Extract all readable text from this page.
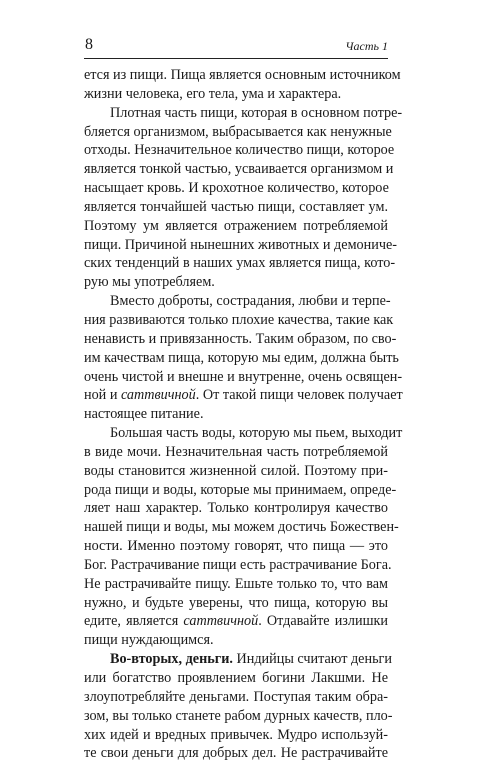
8	Часть 1
ется из пищи. Пища является основным источником
жизни человека, его тела, ума и характера.
Плотная часть пищи, которая в основном потре-
бляется организмом, выбрасывается как ненужные
отходы. Незначительное количество пищи, которое
является тонкой частью, усваивается организмом и
насыщает кровь. И крохотное количество, которое
является тончайшей частью пищи, составляет ум.
Поэтому ум является отражением потребляемой
пищи. Причиной нынешних животных и демониче-
ских тенденций в наших умах является пища, кото-
рую мы употребляем.
Вместо доброты, сострадания, любви и терпе-
ния развиваются только плохие качества, такие как
ненависть и привязанность. Таким образом, по сво-
им качествам пища, которую мы едим, должна быть
очень чистой и внешне и внутренне, очень освящен-
ной и саттвичной. От такой пищи человек получает
настоящее питание.
Большая часть воды, которую мы пьем, выходит
в виде мочи. Незначительная часть потребляемой
воды становится жизненной силой. Поэтому при-
рода пищи и воды, которые мы принимаем, опреде-
ляет наш характер. Только контролируя качество
нашей пищи и воды, мы можем достичь Божествен-
ности. Именно поэтому говорят, что пища — это
Бог. Растрачивание пищи есть растрачивание Бога.
Не растрачивайте пищу. Ешьте только то, что вам
нужно, и будьте уверены, что пища, которую вы
едите, является саттвичной. Отдавайте излишки
пищи нуждающимся.
Во-вторых, деньги. Индийцы считают деньги
или богатство проявлением богини Лакшми. Не
злоупотребляйте деньгами. Поступая таким обра-
зом, вы только станете рабом дурных качеств, пло-
хих идей и вредных привычек. Мудро используй-
те свои деньги для добрых дел. Не растрачивайте
